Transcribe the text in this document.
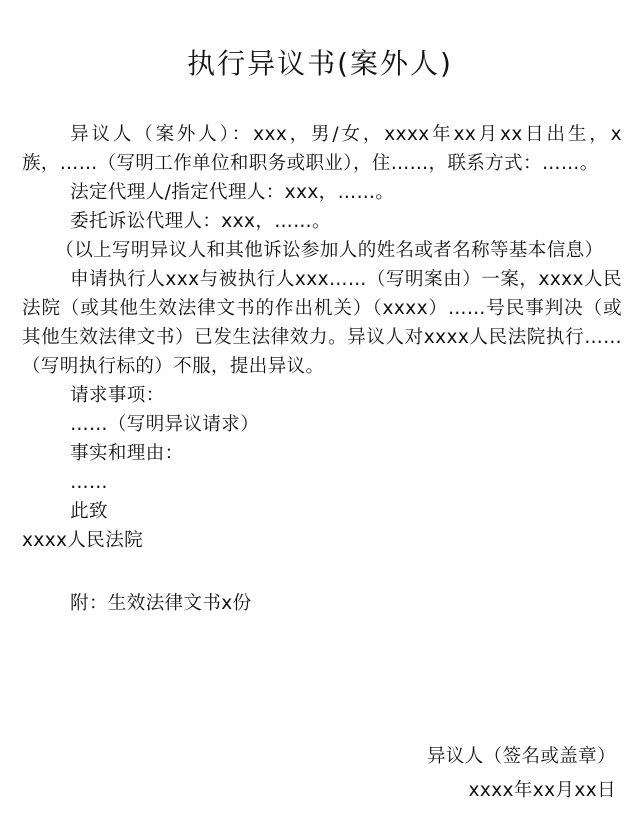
执行异议书(案外人)

异议人（案外人）：xxx，男/女，xxxx年xx月xx日出生，x族，……（写明工作单位和职务或职业），住……，联系方式：……。

法定代理人/指定代理人：xxx，……。

委托诉讼代理人：xxx，……。

（以上写明异议人和其他诉讼参加人的姓名或者名称等基本信息）

申请执行人xxx与被执行人xxx……（写明案由）一案，xxxx人民法院（或其他生效法律文书的作出机关）（xxxx）……号民事判决（或其他生效法律文书）已发生法律效力。异议人对xxxx人民法院执行……（写明执行标的）不服，提出异议。

请求事项：

……（写明异议请求）

事实和理由：

……

此致

xxxx人民法院

附：生效法律文书x份

异议人（签名或盖章）
xxxx年xx月xx日
